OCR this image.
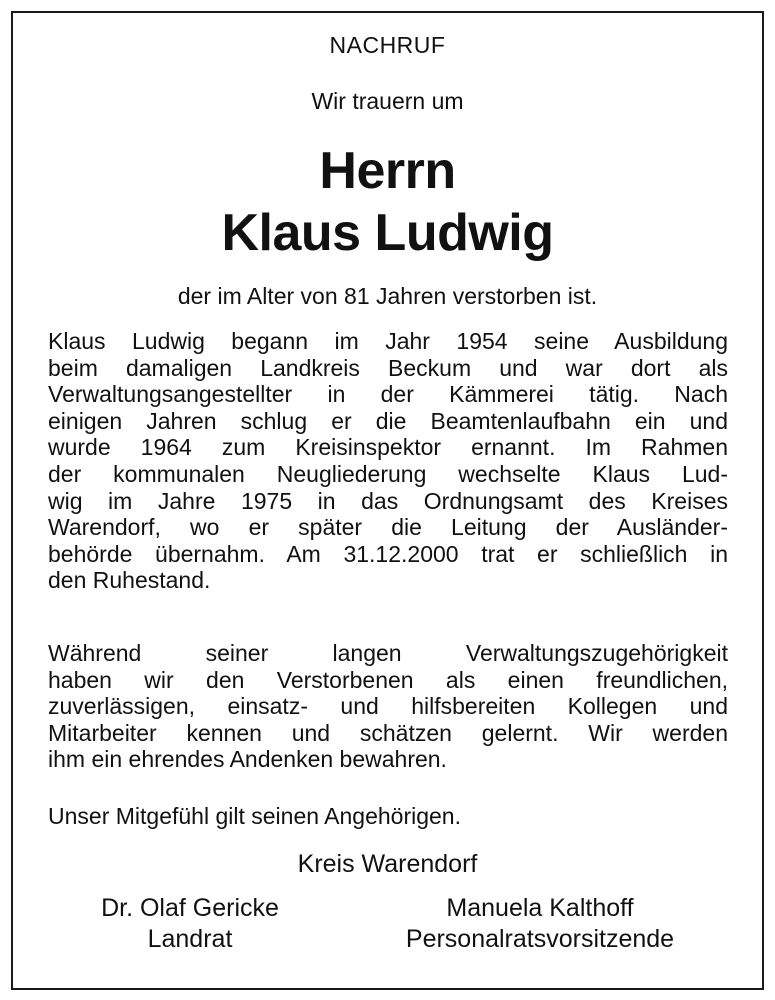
NACHRUF
Wir trauern um
Herrn
Klaus Ludwig
der im Alter von 81 Jahren verstorben ist.
Klaus Ludwig begann im Jahr 1954 seine Ausbildung
beim damaligen Landkreis Beckum und war dort als
Verwaltungsangestellter in der Kämmerei tätig. Nach
einigen Jahren schlug er die Beamtenlaufbahn ein und
wurde 1964 zum Kreisinspektor ernannt. Im Rahmen
der kommunalen Neugliederung wechselte Klaus Lud-
wig im Jahre 1975 in das Ordnungsamt des Kreises
Warendorf, wo er später die Leitung der Ausländer-
behörde übernahm. Am 31.12.2000 trat er schließlich in
den Ruhestand.
Während seiner langen Verwaltungszugehörigkeit
haben wir den Verstorbenen als einen freundlichen,
zuverlässigen, einsatz- und hilfsbereiten Kollegen und
Mitarbeiter kennen und schätzen gelernt. Wir werden
ihm ein ehrendes Andenken bewahren.
Unser Mitgefühl gilt seinen Angehörigen.
Kreis Warendorf
Dr. Olaf Gericke
Landrat
Manuela Kalthoff
Personalratsvorsitzende
